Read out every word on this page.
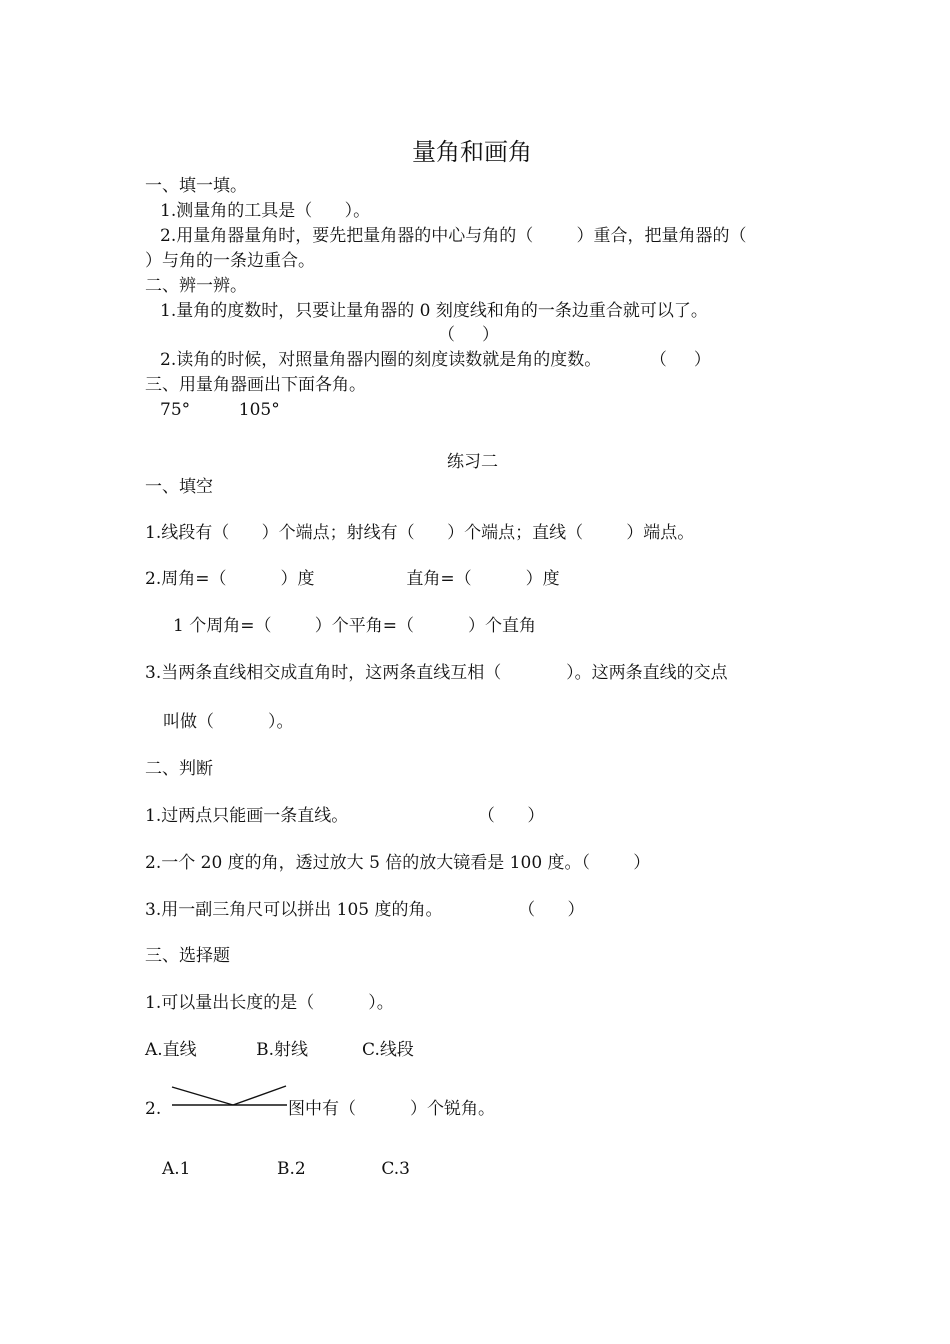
量角和画角
一、填一填。
1.测量角的工具是（      ）。
2.用量角器量角时，要先把量角器的中心与角的（        ）重合，把量角器的（
）与角的一条边重合。
二、辨一辨。
1.量角的度数时，只要让量角器的 0 刻度线和角的一条边重合就可以了。
（     ）
2.读角的时候，对照量角器内圈的刻度读数就是角的度数。         （     ）
三、用量角器画出下面各角。
75°         105°
练习二
一、填空
1.线段有（      ）个端点；射线有（      ）个端点；直线（        ）端点。
2.周角=（          ）度                 直角=（          ）度
1 个周角=（        ）个平角=（          ）个直角
3.当两条直线相交成直角时，这两条直线互相（            ）。这两条直线的交点
叫做（          ）。
二、判断
1.过两点只能画一条直线。                        （      ）
2.一个 20 度的角，透过放大 5 倍的放大镜看是 100 度。（        ）
3.用一副三角尺可以拼出 105 度的角。              （      ）
三、选择题
1.可以量出长度的是（          ）。
A.直线           B.射线          C.线段
2.	图中有（          ）个锐角。
A.1                B.2              C.3
